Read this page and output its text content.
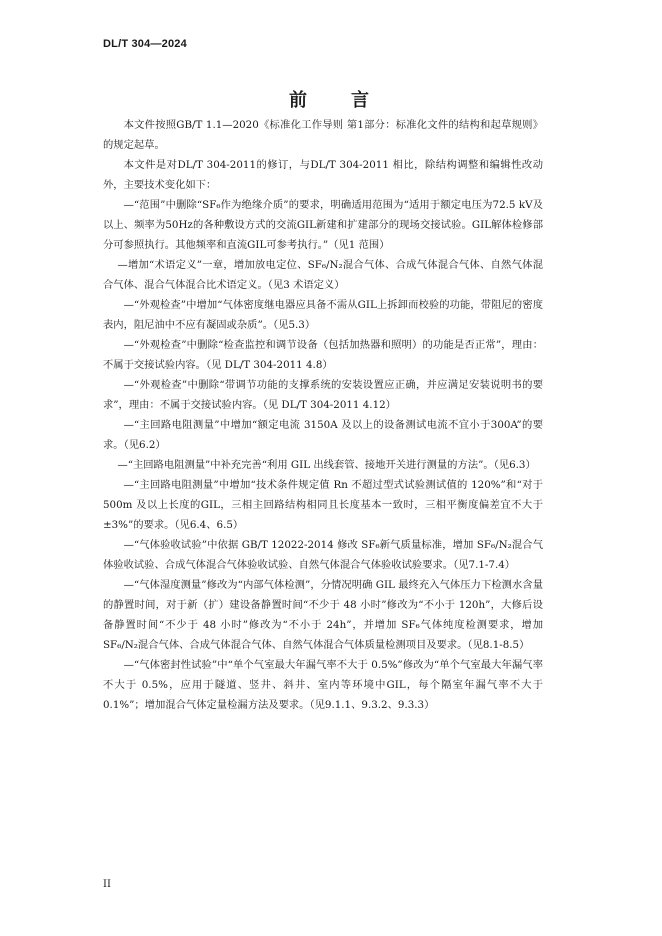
DL/T 304—2024
前言

本文件按照GB/T 1.1—2020《标准化工作导则 第1部分：标准化文件的结构和起草规则》的规定起草。

本文件是对DL/T 304-2011的修订，与DL/T 304-2011 相比，除结构调整和编辑性改动外，主要技术变化如下：

—“范围”中删除“SF₆作为绝缘介质”的要求，明确适用范围为“适用于额定电压为72.5 kV及以上、频率为50Hz的各种敷设方式的交流GIL新建和扩建部分的现场交接试验。GIL解体检修部分可参照执行。其他频率和直流GIL可参考执行。”（见1 范围）

—增加“术语定义”一章，增加放电定位、SF₆/N₂混合气体、合成气体混合气体、自然气体混合气体、混合气体混合比术语定义。（见3 术语定义）

—“外观检查”中增加“气体密度继电器应具备不需从GIL上拆卸而校验的功能，带阻尼的密度表内，阻尼油中不应有凝固或杂质”。（见5.3）

—“外观检查”中删除“检查监控和调节设备（包括加热器和照明）的功能是否正常”，理由：不属于交接试验内容。（见 DL/T 304-2011 4.8）

—“外观检查”中删除“带调节功能的支撑系统的安装设置应正确，并应满足安装说明书的要求”，理由：不属于交接试验内容。（见 DL/T 304-2011 4.12）

—“主回路电阻测量”中增加“额定电流 3150A 及以上的设备测试电流不宜小于300A”的要求。（见6.2）

—“主回路电阻测量”中补充完善“利用 GIL 出线套管、接地开关进行测量的方法”。（见6.3）

—“主回路电阻测量”中增加“技术条件规定值 Rn 不超过型式试验测试值的 120%”和“对于 500m 及以上长度的GIL，三相主回路结构相同且长度基本一致时，三相平衡度偏差宜不大于±3%”的要求。（见6.4、6.5）

—“气体验收试验”中依据 GB/T 12022-2014 修改 SF₆新气质量标准，增加 SF₆/N₂混合气体验收试验、合成气体混合气体验收试验、自然气体混合气体验收试验要求。（见7.1-7.4）

—“气体湿度测量”修改为“内部气体检测”，分情况明确 GIL 最终充入气体压力下检测水含量的静置时间，对于新（扩）建设备静置时间“不少于 48 小时”修改为“不小于 120h”，大修后设备静置时间“不少于 48 小时”修改为“不小于 24h”，并增加 SF₆气体纯度检测要求，增加 SF₆/N₂混合气体、合成气体混合气体、自然气体混合气体质量检测项目及要求。（见8.1-8.5）

—“气体密封性试验”中“单个气室最大年漏气率不大于 0.5%”修改为“单个气室最大年漏气率不大于 0.5%，应用于隧道、竖井、斜井、室内等环境中GIL，每个隔室年漏气率不大于 0.1%”；增加混合气体定量检漏方法及要求。（见9.1.1、9.3.2、9.3.3）

II
